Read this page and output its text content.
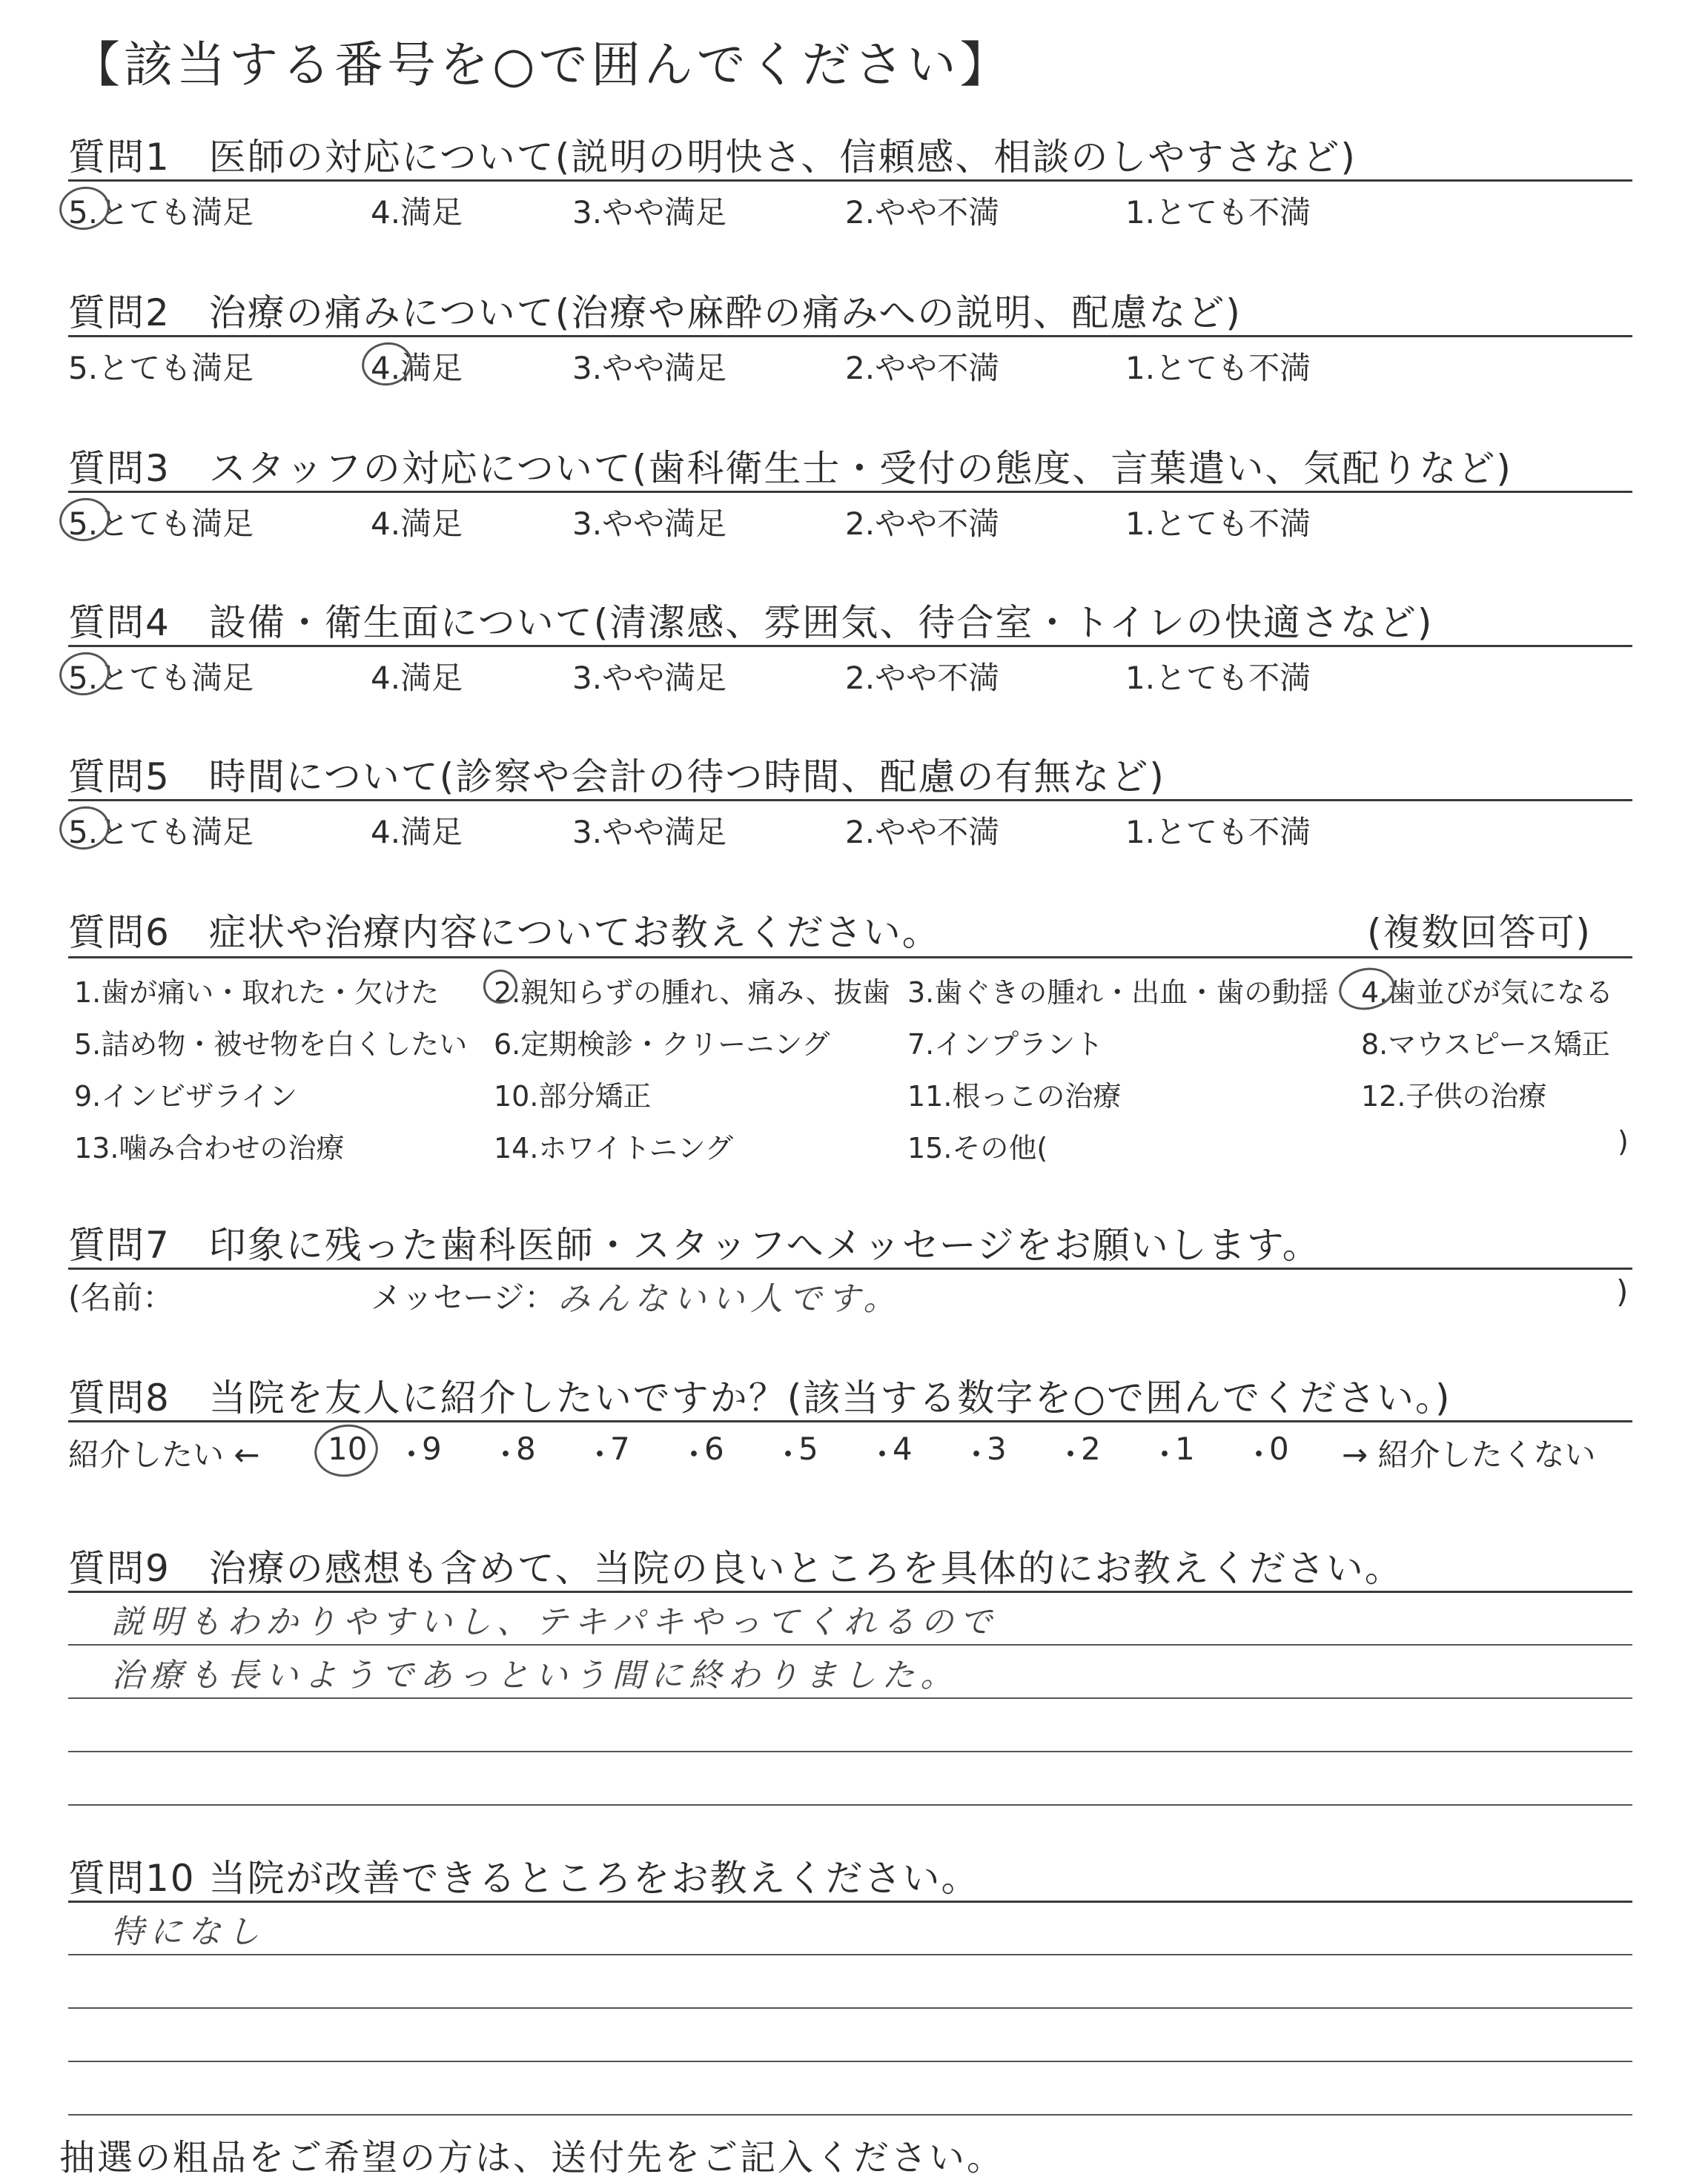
【該当する番号を○で囲んでください】
質問1　医師の対応について(説明の明快さ、信頼感、相談のしやすさなど)
5.とても満足	4.満足	3.やや満足	2.やや不満	1.とても不満
質問2　治療の痛みについて(治療や麻酔の痛みへの説明、配慮など)
5.とても満足	4.満足	3.やや満足	2.やや不満	1.とても不満
質問3　スタッフの対応について(歯科衛生士・受付の態度、言葉遣い、気配りなど)
5.とても満足	4.満足	3.やや満足	2.やや不満	1.とても不満
質問4　設備・衛生面について(清潔感、雰囲気、待合室・トイレの快適さなど)
5.とても満足	4.満足	3.やや満足	2.やや不満	1.とても不満
質問5　時間について(診察や会計の待つ時間、配慮の有無など)
5.とても満足	4.満足	3.やや満足	2.やや不満	1.とても不満
質問6　症状や治療内容についてお教えください。	(複数回答可)
1.歯が痛い・取れた・欠けた 2.親知らずの腫れ、痛み、抜歯 3.歯ぐきの腫れ・出血・歯の動揺 4.歯並びが気になる
5.詰め物・被せ物を白くしたい 6.定期検診・クリーニング	7.インプラント	8.マウスピース矯正
9.インビザライン	10.部分矯正	11.根っこの治療	12.子供の治療
13.噛み合わせの治療	14.ホワイトニング	15.その他(	)
質問7　印象に残った歯科医師・スタッフへメッセージをお願いします。
(名前：	メッセージ： みんないい人です。	)
質問8　当院を友人に紹介したいですか？(該当する数字を○で囲んでください。)
紹介したい ← 10 ・
9 ・
8 ・
7 ・
6 ・
5 ・
4 ・
3 ・
2 ・
1 ・
0 → 紹介したくない
質問9　治療の感想も含めて、当院の良いところを具体的にお教えください。
説明もわかりやすいし、テキパキやってくれるので
治療も長いようであっという間に終わりました。
質問10 当院が改善できるところをお教えください。
特になし
抽選の粗品をご希望の方は、送付先をご記入ください。
